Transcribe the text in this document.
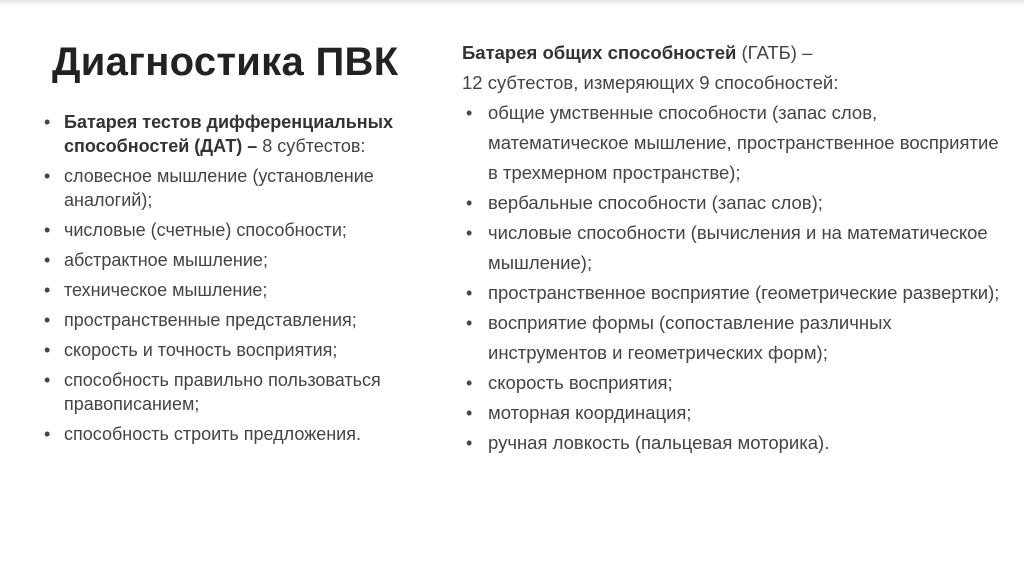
Диагностика ПВК
• Батарея тестов дифференциальных способностей (ДАТ) – 8 субтестов:
• словесное мышление (установление аналогий);
• числовые (счетные) способности;
• абстрактное мышление;
• техническое мышление;
• пространственные представления;
• скорость и точность восприятия;
• способность правильно пользоваться правописанием;
• способность строить предложения.
Батарея общих способностей (ГАТБ) –
12 субтестов, измеряющих 9 способностей:
• общие умственные способности (запас слов, математическое мышление, пространственное восприятие в трехмерном пространстве);
• вербальные способности (запас слов);
• числовые способности (вычисления и на математическое мышление);
• пространственное восприятие (геометрические развертки);
• восприятие формы (сопоставление различных инструментов и геометрических форм);
• скорость восприятия;
• моторная координация;
• ручная ловкость (пальцевая моторика).
